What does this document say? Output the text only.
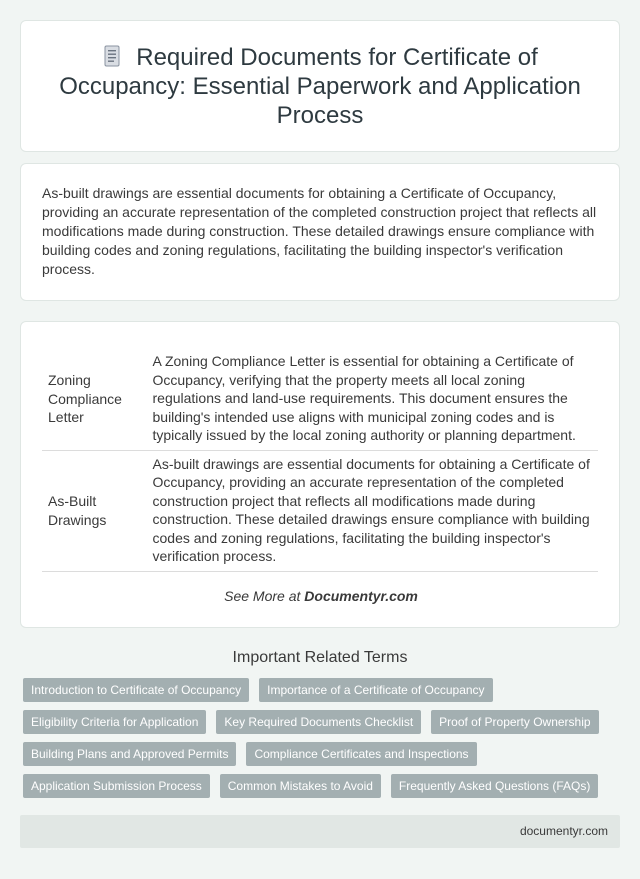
Required Documents for Certificate of Occupancy: Essential Paperwork and Application Process

As-built drawings are essential documents for obtaining a Certificate of Occupancy, providing an accurate representation of the completed construction project that reflects all modifications made during construction. These detailed drawings ensure compliance with building codes and zoning regulations, facilitating the building inspector's verification process.

Zoning Compliance Letter	A Zoning Compliance Letter is essential for obtaining a Certificate of Occupancy, verifying that the property meets all local zoning regulations and land-use requirements. This document ensures the building's intended use aligns with municipal zoning codes and is typically issued by the local zoning authority or planning department.
As-Built Drawings	As-built drawings are essential documents for obtaining a Certificate of Occupancy, providing an accurate representation of the completed construction project that reflects all modifications made during construction. These detailed drawings ensure compliance with building codes and zoning regulations, facilitating the building inspector's verification process.
See More at Documentyr.com
Important Related Terms
Introduction to Certificate of Occupancy	Importance of a Certificate of Occupancy
Eligibility Criteria for Application	Key Required Documents Checklist	Proof of Property Ownership
Building Plans and Approved Permits	Compliance Certificates and Inspections
Application Submission Process	Common Mistakes to Avoid	Frequently Asked Questions (FAQs)
documentyr.com
